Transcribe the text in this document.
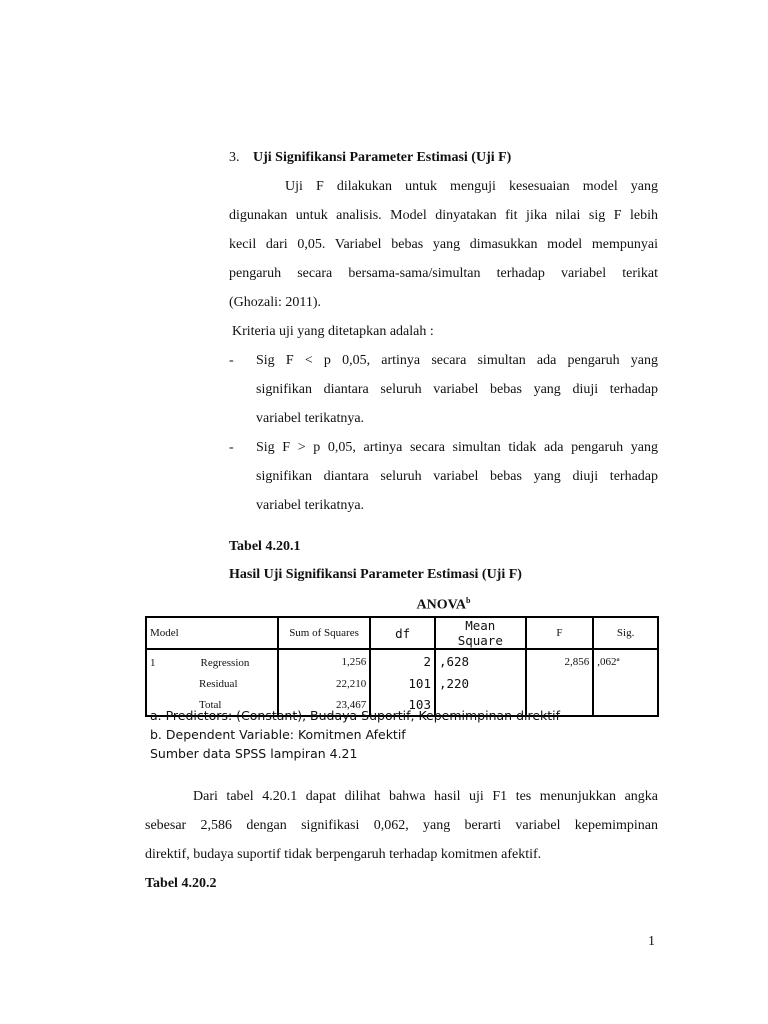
3. Uji Signifikansi Parameter Estimasi (Uji F)
Uji F dilakukan untuk menguji kesesuaian model yang
digunakan untuk analisis. Model dinyatakan fit jika nilai sig F lebih
kecil dari 0,05. Variabel bebas yang dimasukkan model mempunyai
pengaruh secara bersama-sama/simultan terhadap variabel terikat
(Ghozali: 2011).
Kriteria uji yang ditetapkan adalah :
- Sig F < p 0,05, artinya secara simultan ada pengaruh yang
signifikan diantara seluruh variabel bebas yang diuji terhadap
variabel terikatnya.
- Sig F > p 0,05, artinya secara simultan tidak ada pengaruh yang
signifikan diantara seluruh variabel bebas yang diuji terhadap
variabel terikatnya.
Tabel 4.20.1
Hasil Uji Signifikansi Parameter Estimasi (Uji F)
ANOVA$^b$
Model	Sum of Squares	df	Mean Square	F	Sig.
1 Regression	1,256	2	,628	2,856	,062ª
Residual	22,210	101	,220		
Total	23,467	103			
a. Predictors: (Constant), Budaya Suportif, Kepemimpinan direktif
b. Dependent Variable: Komitmen Afektif
Sumber data SPSS lampiran 4.21
Dari tabel 4.20.1 dapat dilihat bahwa hasil uji F1 tes menunjukkan angka
sebesar 2,586 dengan signifikasi 0,062, yang berarti variabel kepemimpinan
direktif, budaya suportif tidak berpengaruh terhadap komitmen afektif.
Tabel 4.20.2
1
